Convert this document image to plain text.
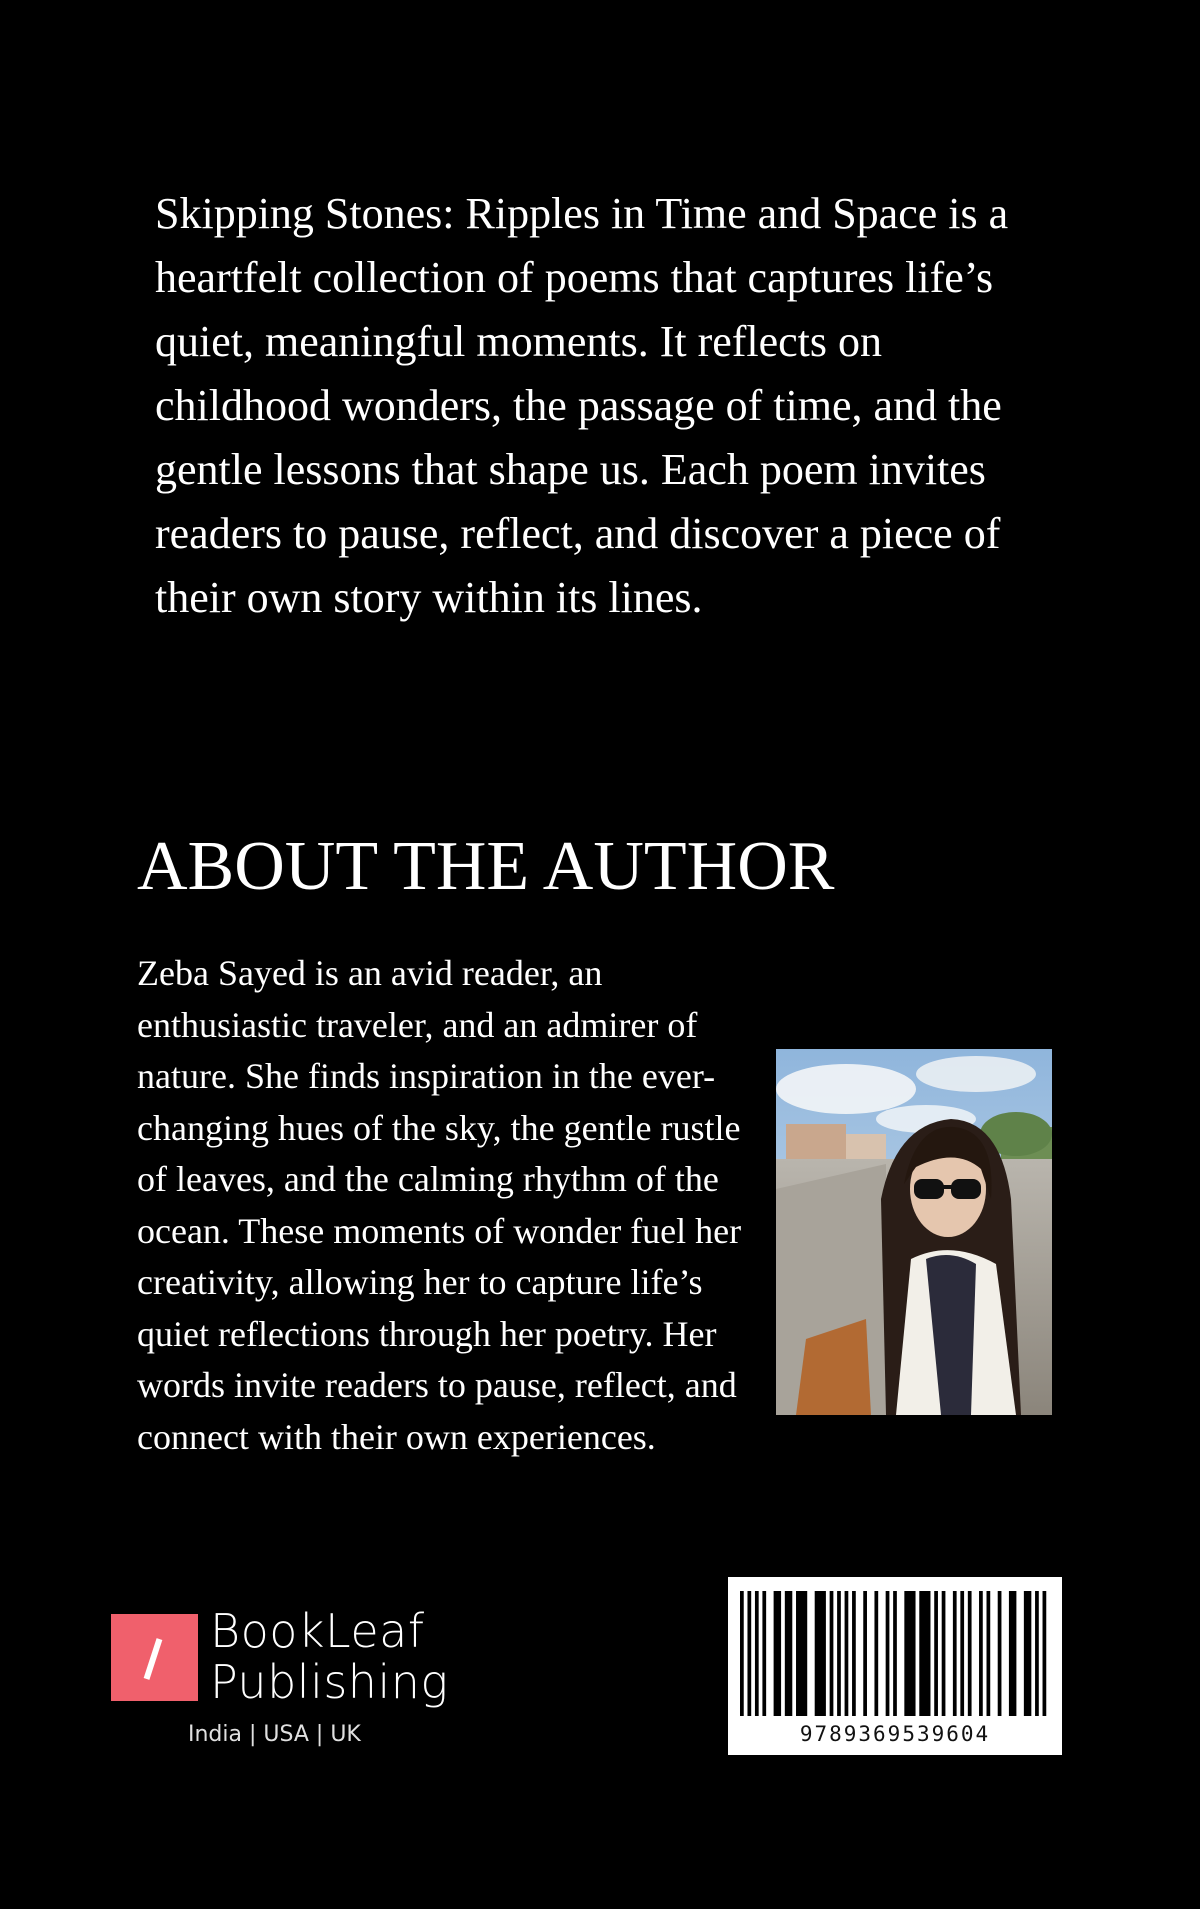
Skipping Stones: Ripples in Time and Space is a heartfelt collection of poems that captures life’s quiet, meaningful moments. It reflects on childhood wonders, the passage of time, and the gentle lessons that shape us. Each poem invites readers to pause, reflect, and discover a piece of their own story within its lines.

ABOUT THE AUTHOR

Zeba Sayed is an avid reader, an enthusiastic traveler, and an admirer of nature. She finds inspiration in the ever-changing hues of the sky, the gentle rustle of leaves, and the calming rhythm of the ocean. These moments of wonder fuel her creativity, allowing her to capture life’s quiet reflections through her poetry. Her words invite readers to pause, reflect, and connect with their own experiences.

BookLeaf
Publishing
India | USA | UK	9789369539604
